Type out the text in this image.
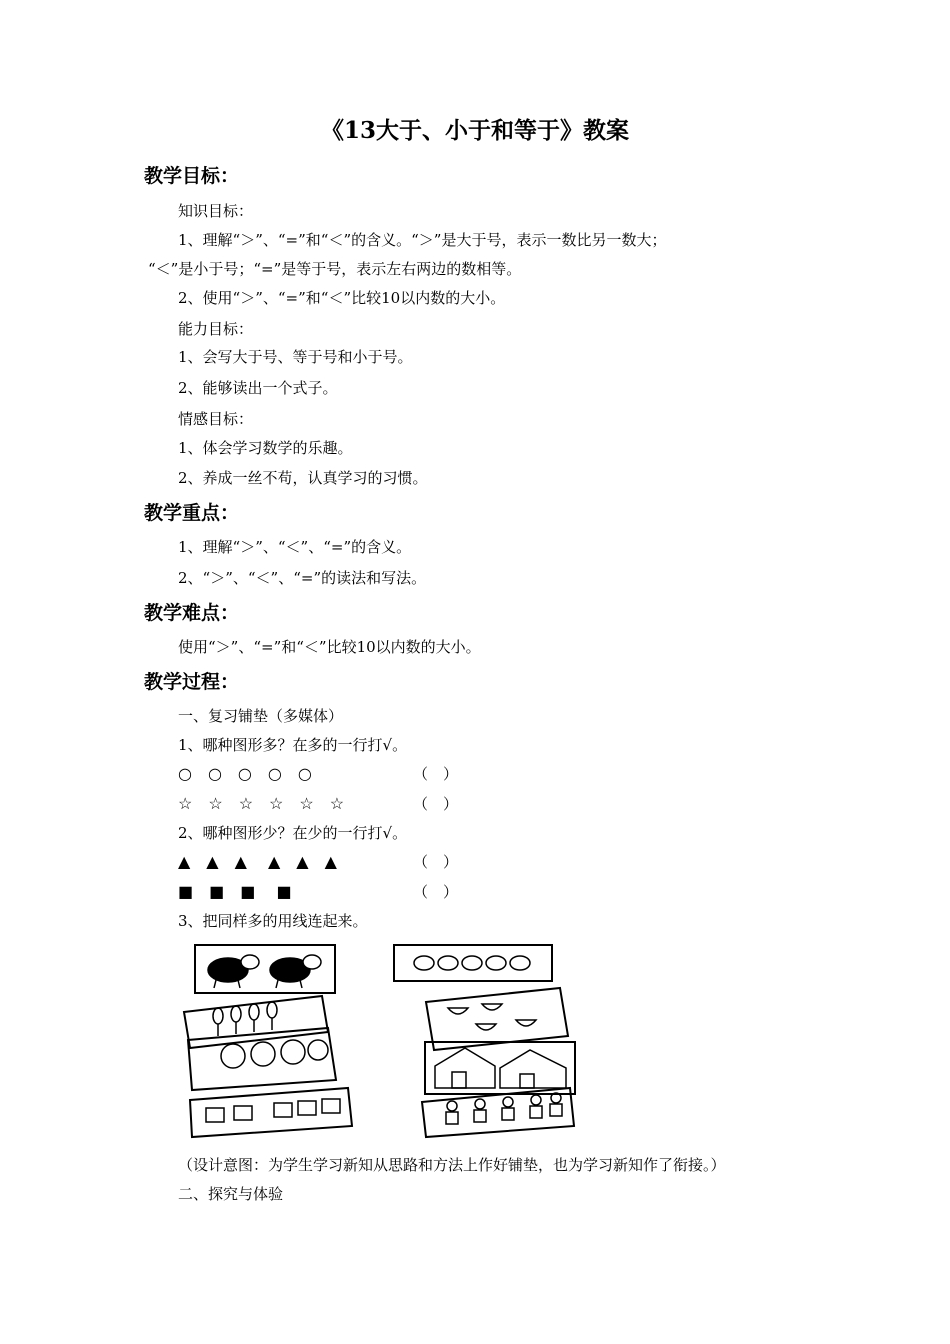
《13大于、小于和等于》教案
教学目标：
知识目标：
1、理解“＞”、“=”和“＜”的含义。“＞”是大于号，表示一数比另一数大；
“＜”是小于号；“=”是等于号，表示左右两边的数相等。
2、使用“＞”、“=”和“＜”比较10以内数的大小。
能力目标：
1、会写大于号、等于号和小于号。
2、能够读出一个式子。
情感目标：
1、体会学习数学的乐趣。
2、养成一丝不苟，认真学习的习惯。
教学重点：
1、理解“＞”、“＜”、“=”的含义。
2、“＞”、“＜”、“=”的读法和写法。
教学难点：
使用“＞”、“=”和“＜”比较10以内数的大小。
教学过程：
一、复习铺垫（多媒体）
1、哪种图形多？在多的一行打√。
○　○　○　○　○	（　）
☆　☆　☆　☆　☆　☆	（　）
2、哪种图形少？在少的一行打√。
▲　▲　▲　 ▲　▲　▲	（　）
■　■　■　 ■	（　）
3、把同样多的用线连起来。
（设计意图：为学生学习新知从思路和方法上作好铺垫，也为学习新知作了衔接。）
二、探究与体验
